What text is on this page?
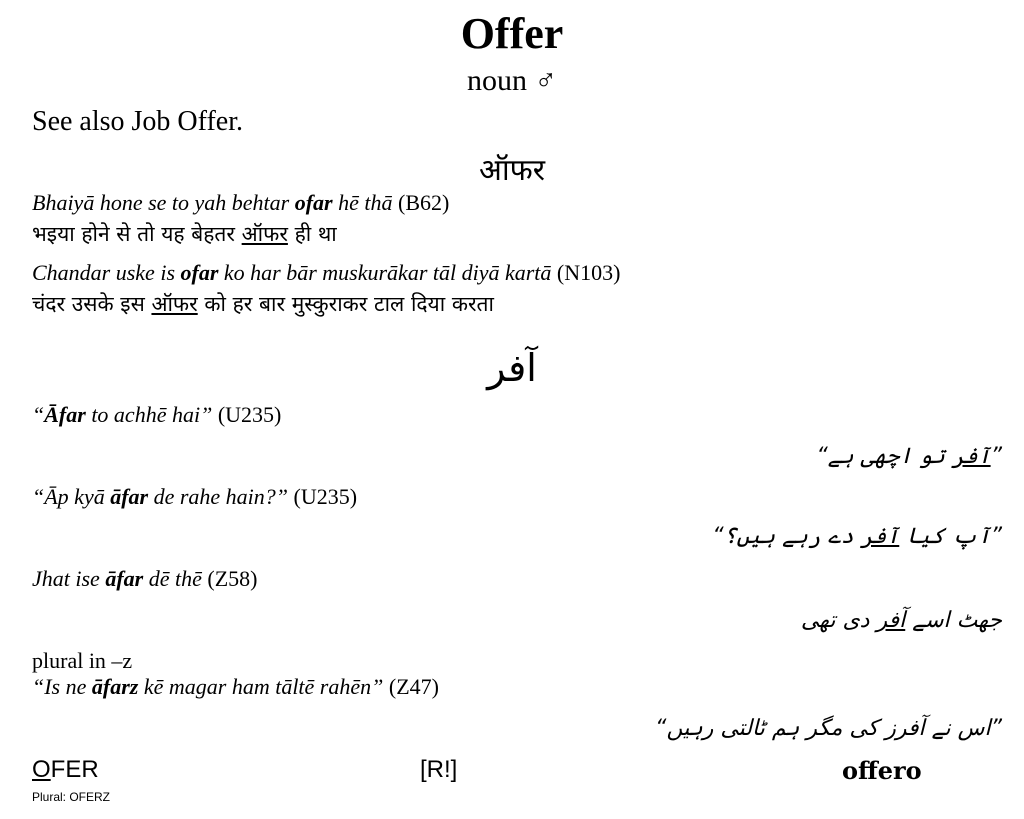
Offer
noun ♂
See also Job Offer.
ऑफर
Bhaiyā hone se to yah behtar ofar hē thā (B62)
भइया होने से तो यह बेहतर ऑफर ही था
Chandar uske is ofar ko har bār muskurākar tāl diyā kartā (N103)
चंदर उसके इस ऑफर को हर बार मुस्कुराकर टाल दिया करता
آفر
“Āfar to achhē hai” (U235)
”آفر تو اچھی ہے“
“Āp kyā āfar de rahe hain?” (U235)
”آپ کیا آفر دے رہے ہیں؟“
Jhat ise āfar dē thē (Z58)
جھٹ اسے آفر دی تھی
plural in –z
“Is ne āfarz kē magar ham tāltē rahēn” (Z47)
”اس نے آفرز کی مگر ہم ٹالتی رہیں“
OFER
Plural: OFERZ
[R!]	offero
